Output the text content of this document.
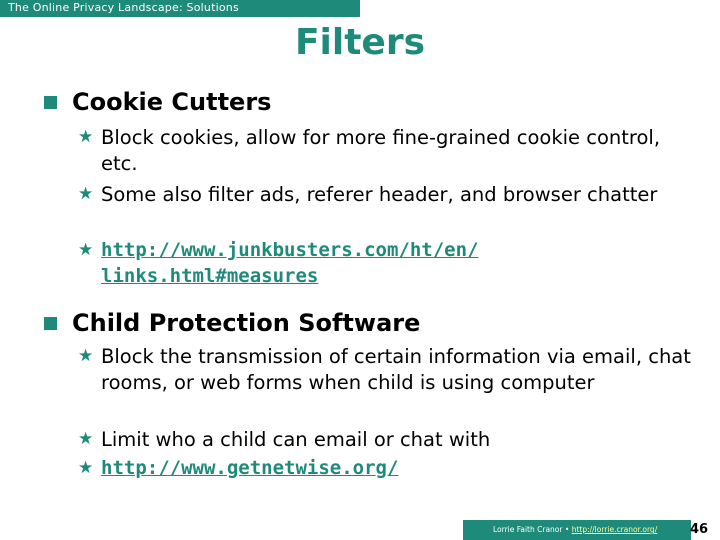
The Online Privacy Landscape: Solutions
Filters
Cookie Cutters
★ Block cookies, allow for more fine-grained cookie control, etc.
★ Some also filter ads, referer header, and browser chatter
★ http://www.junkbusters.com/ht/en/ links.html#measures
Child Protection Software
★ Block the transmission of certain information via email, chat rooms, or web forms when child is using computer
★ Limit who a child can email or chat with
★ http://www.getnetwise.org/
Lorrie Faith Cranor • http://lorrie.cranor.org/	46
